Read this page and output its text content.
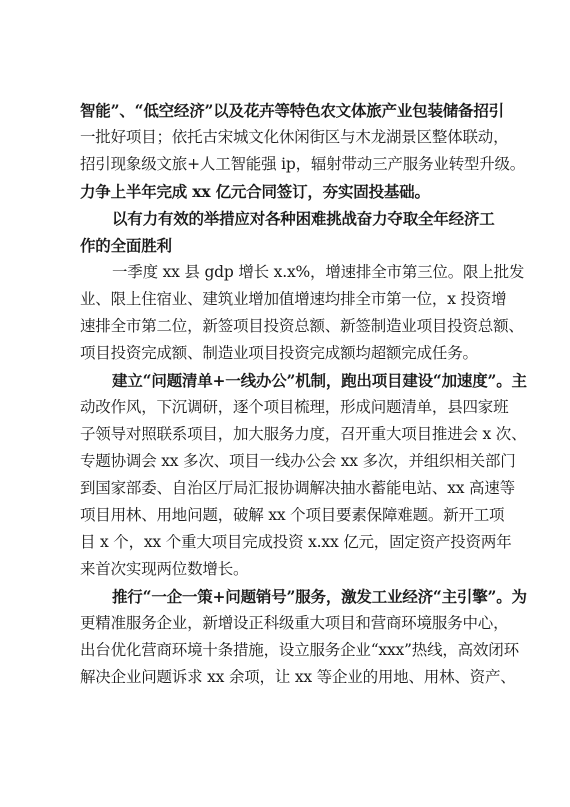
智能”、“低空经济”以及花卉等特色农文体旅产业包装储备招引
一批好项目；依托古宋城文化休闲街区与木龙湖景区整体联动，
招引现象级文旅+人工智能强 ip，辐射带动三产服务业转型升级。
力争上半年完成 xx 亿元合同签订，夯实固投基础。
以有力有效的举措应对各种困难挑战奋力夺取全年经济工
作的全面胜利
一季度 xx 县 gdp 增长 x.x%，增速排全市第三位。限上批发
业、限上住宿业、建筑业增加值增速均排全市第一位，x 投资增
速排全市第二位，新签项目投资总额、新签制造业项目投资总额、
项目投资完成额、制造业项目投资完成额均超额完成任务。
建立“问题清单+一线办公”机制，跑出项目建设“加速度”。主
动改作风，下沉调研，逐个项目梳理，形成问题清单，县四家班
子领导对照联系项目，加大服务力度，召开重大项目推进会 x 次、
专题协调会 xx 多次、项目一线办公会 xx 多次，并组织相关部门
到国家部委、自治区厅局汇报协调解决抽水蓄能电站、xx 高速等
项目用林、用地问题，破解 xx 个项目要素保障难题。新开工项
目 x 个，xx 个重大项目完成投资 x.xx 亿元，固定资产投资两年
来首次实现两位数增长。
推行“一企一策+问题销号”服务，激发工业经济“主引擎”。为
更精准服务企业，新增设正科级重大项目和营商环境服务中心，
出台优化营商环境十条措施，设立服务企业“xxx”热线，高效闭环
解决企业问题诉求 xx 余项，让 xx 等企业的用地、用林、资产、
